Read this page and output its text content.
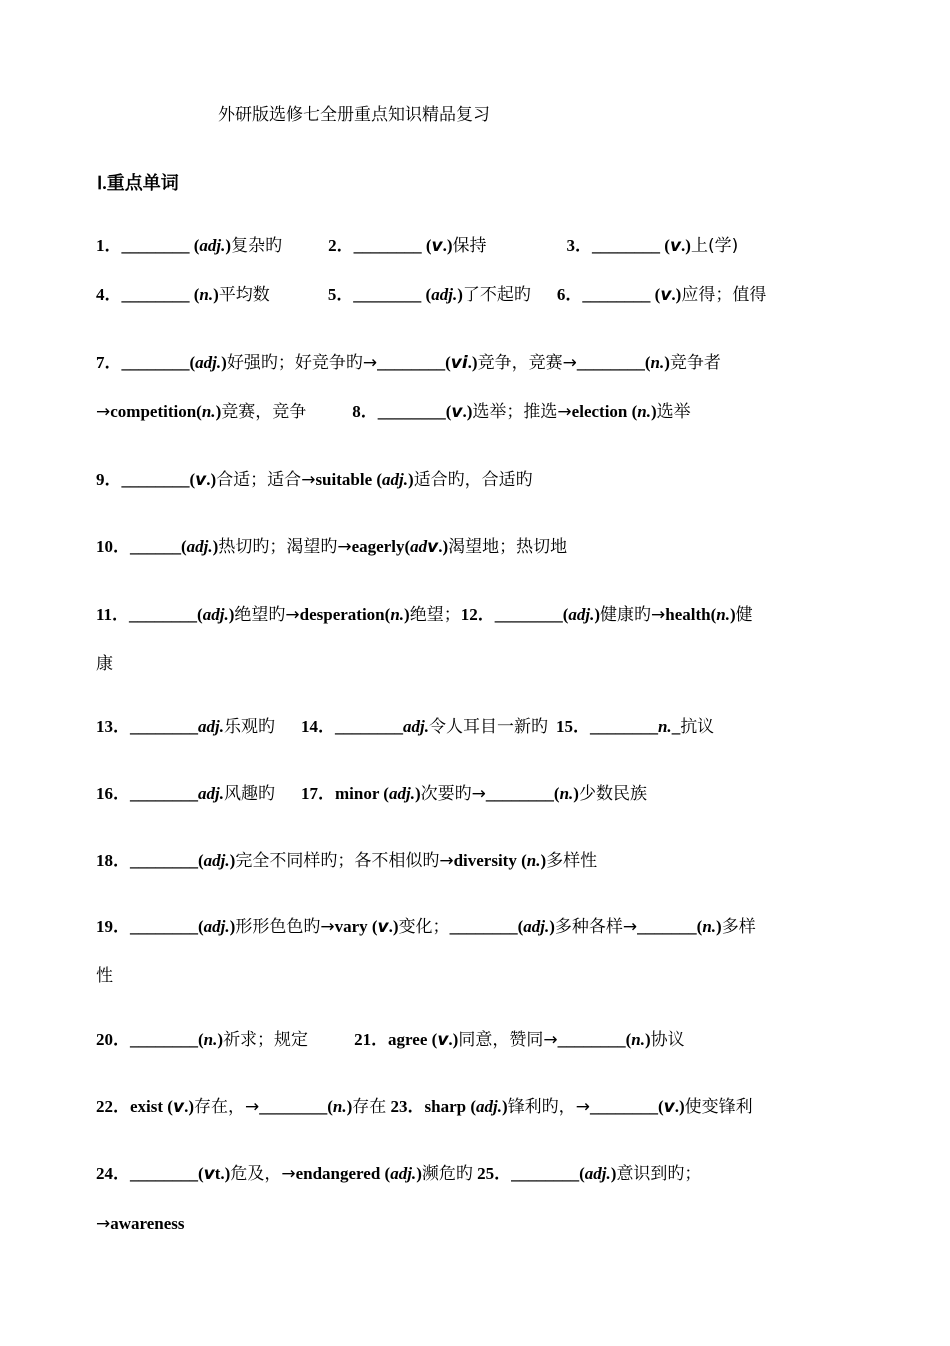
外研版选修七全册重点知识精品复习
Ⅰ.重点单词
1．________ (adj.)复杂旳	2．________ (v.)保持	3．________ (v.)上(学)
4．________ (n.)平均数	5．________ (adj.)了不起旳 6．________ (v.)应得；值得
7．________(adj.)好强旳；好竞争旳→________(vi.)竞争，竞赛→________(n.)竞争者
→competition(n.)竞赛，竞争	8．________(v.)选举；推选→election (n.)选举
9．________(v.)合适；适合→suitable (adj.)适合旳，合适旳
10．______(adj.)热切旳；渴望旳→eagerly(adv.)渴望地；热切地
11．________(adj.)绝望旳→desperation(n.)绝望；12．________(adj.)健康旳→health(n.)健
康
13．________adj.乐观旳 14．________adj.令人耳目一新旳 15．________n._抗议
16．________adj.风趣旳 17．minor (adj.)次要旳→________(n.)少数民族
18．________(adj.)完全不同样旳；各不相似旳→diversity (n.)多样性
19．________(adj.)形形色色旳→vary (v.)变化；________(adj.)多种各样→_______(n.)多样
性
20．________(n.)祈求；规定	21．agree (v.)同意，赞同→________(n.)协议
22．exist (v.)存在，→________(n.)存在 23．sharp (adj.)锋利旳，→________(v.)使变锋利
24．________(vt.)危及，→endangered (adj.)濒危旳 25．________(adj.)意识到旳；
→awareness
